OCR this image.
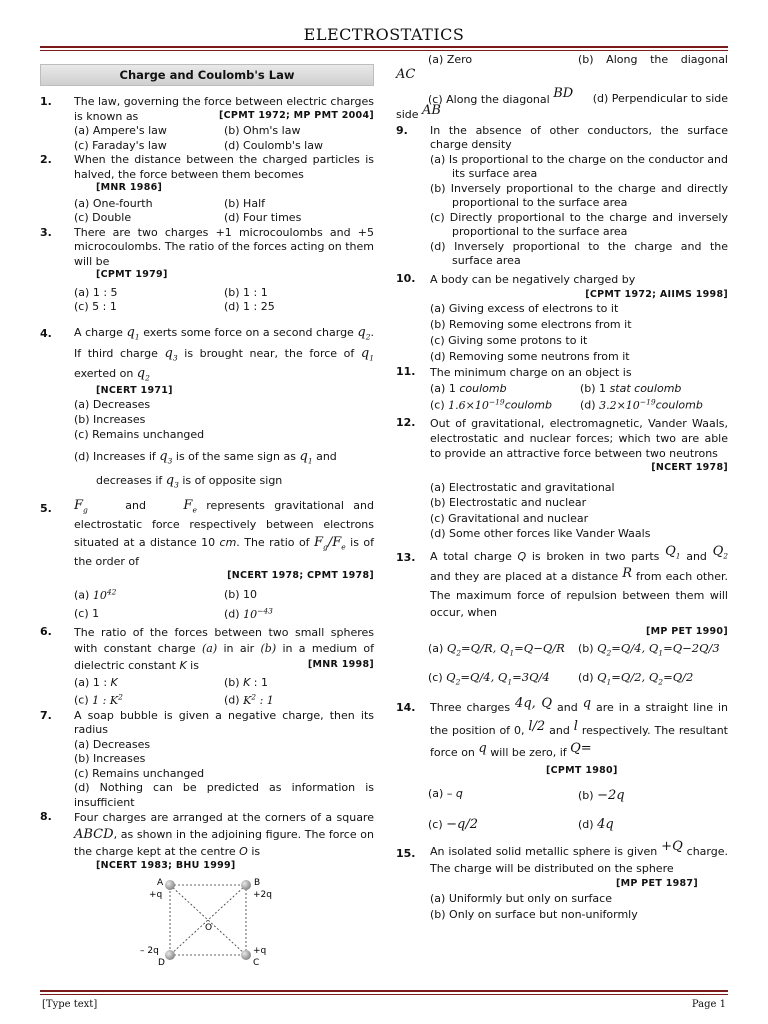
ELECTROSTATICS
Charge and Coulomb's Law
1.	The law, governing the force between electric charges is known as	[CPMT 1972; MP PMT 2004]
(a) Ampere's law	(b) Ohm's law
(c) Faraday's law	(d) Coulomb's law
2.	When the distance between the charged particles is halved, the force between them becomes
[MNR 1986]
(a) One-fourth	(b) Half
(c) Double	(d) Four times
3.	There are two charges +1 microcoulombs and +5 microcoulombs. The ratio of the forces acting on them will be
[CPMT 1979]
(a) 1 : 5	(b) 1 : 1
(c) 5 : 1	(d) 1 : 25
4.	A charge $q_1$ exerts some force on a second charge $q_2$. If third charge $q_3$ is brought near, the force of $q_1$ exerted on $q_2$
[NCERT 1971]
(a) Decreases
(b) Increases
(c) Remains unchanged
(d) Increases if $q_3$ is of the same sign as $q_1$ and
decreases if $q_3$ is of opposite sign
5.	$F_g$	and	$F_e$ represents gravitational and electrostatic force respectively between electrons situated at a distance 10 cm. The ratio of $F_g/F_e$ is of the order of
[NCERT 1978; CPMT 1978]
(a) $10^{42}$	(b) 10
(c) 1	(d) $10^{-43}$
6.	The ratio of the forces between two small spheres with constant charge (a) in air (b) in a medium of dielectric constant K is	[MNR 1998]
(a) 1 : K	(b) K : 1
(c) 1 : $K^2$	(d) $K^2$ : 1
7.	A soap bubble is given a negative charge, then its radius
(a) Decreases
(b) Increases
(c) Remains unchanged
(d) Nothing can be predicted as information is insufficient
8.	Four charges are arranged at the corners of a square ABCD, as shown in the adjoining figure. The force on the charge kept at the centre O is
[NCERT 1983; BHU 1999]
A
+q
B
+2q
O
– 2q
D
+q
C
(a) Zero	(b) Along the diagonal
AC
(c) Along the diagonal BD (d) Perpendicular to side
side AB
9.	In the absence of other conductors, the surface charge density
(a) Is proportional to the charge on the conductor and its surface area
(b) Inversely proportional to the charge and directly proportional to the surface area
(c) Directly proportional to the charge and inversely proportional to the surface area
(d) Inversely proportional to the charge and the surface area
10.	A body can be negatively charged by
[CPMT 1972; AIIMS 1998]
(a) Giving excess of electrons to it
(b) Removing some electrons from it
(c) Giving some protons to it
(d) Removing some neutrons from it
11.	The minimum charge on an object is
(a) 1 coulomb	(b) 1 stat coulomb
(c) $1.6\times 10^{-19}coulomb$	(d) $3.2\times 10^{-19}coulomb$
12.	Out of gravitational, electromagnetic, Vander Waals, electrostatic and nuclear forces; which two are able to provide an attractive force between two neutrons
[NCERT 1978]
(a) Electrostatic and gravitational
(b) Electrostatic and nuclear
(c) Gravitational and nuclear
(d) Some other forces like Vander Waals
13.	A total charge Q is broken in two parts $Q_1$ and $Q_2$ and they are placed at a distance R from each other. The maximum force of repulsion between them will occur, when
[MP PET 1990]
(a) $Q_2=Q/R$, $Q_1=Q-Q/R$	(b) $Q_2=Q/4$, $Q_1=Q-2Q/3$
(c) $Q_2=Q/4$, $Q_1=3Q/4$	(d) $Q_1=Q/2$, $Q_2=Q/2$
14.	Three charges 4q, Q and q are in a straight line in the position of 0, l/2 and l respectively. The resultant force on q will be zero, if Q=
[CPMT 1980]
(a) – q	(b) −2q
(c) −q/2	(d) 4q
15.	An isolated solid metallic sphere is given +Q charge. The charge will be distributed on the sphere
[MP PET 1987]
(a) Uniformly but only on surface
(b) Only on surface but non-uniformly
[Type text]	Page 1
